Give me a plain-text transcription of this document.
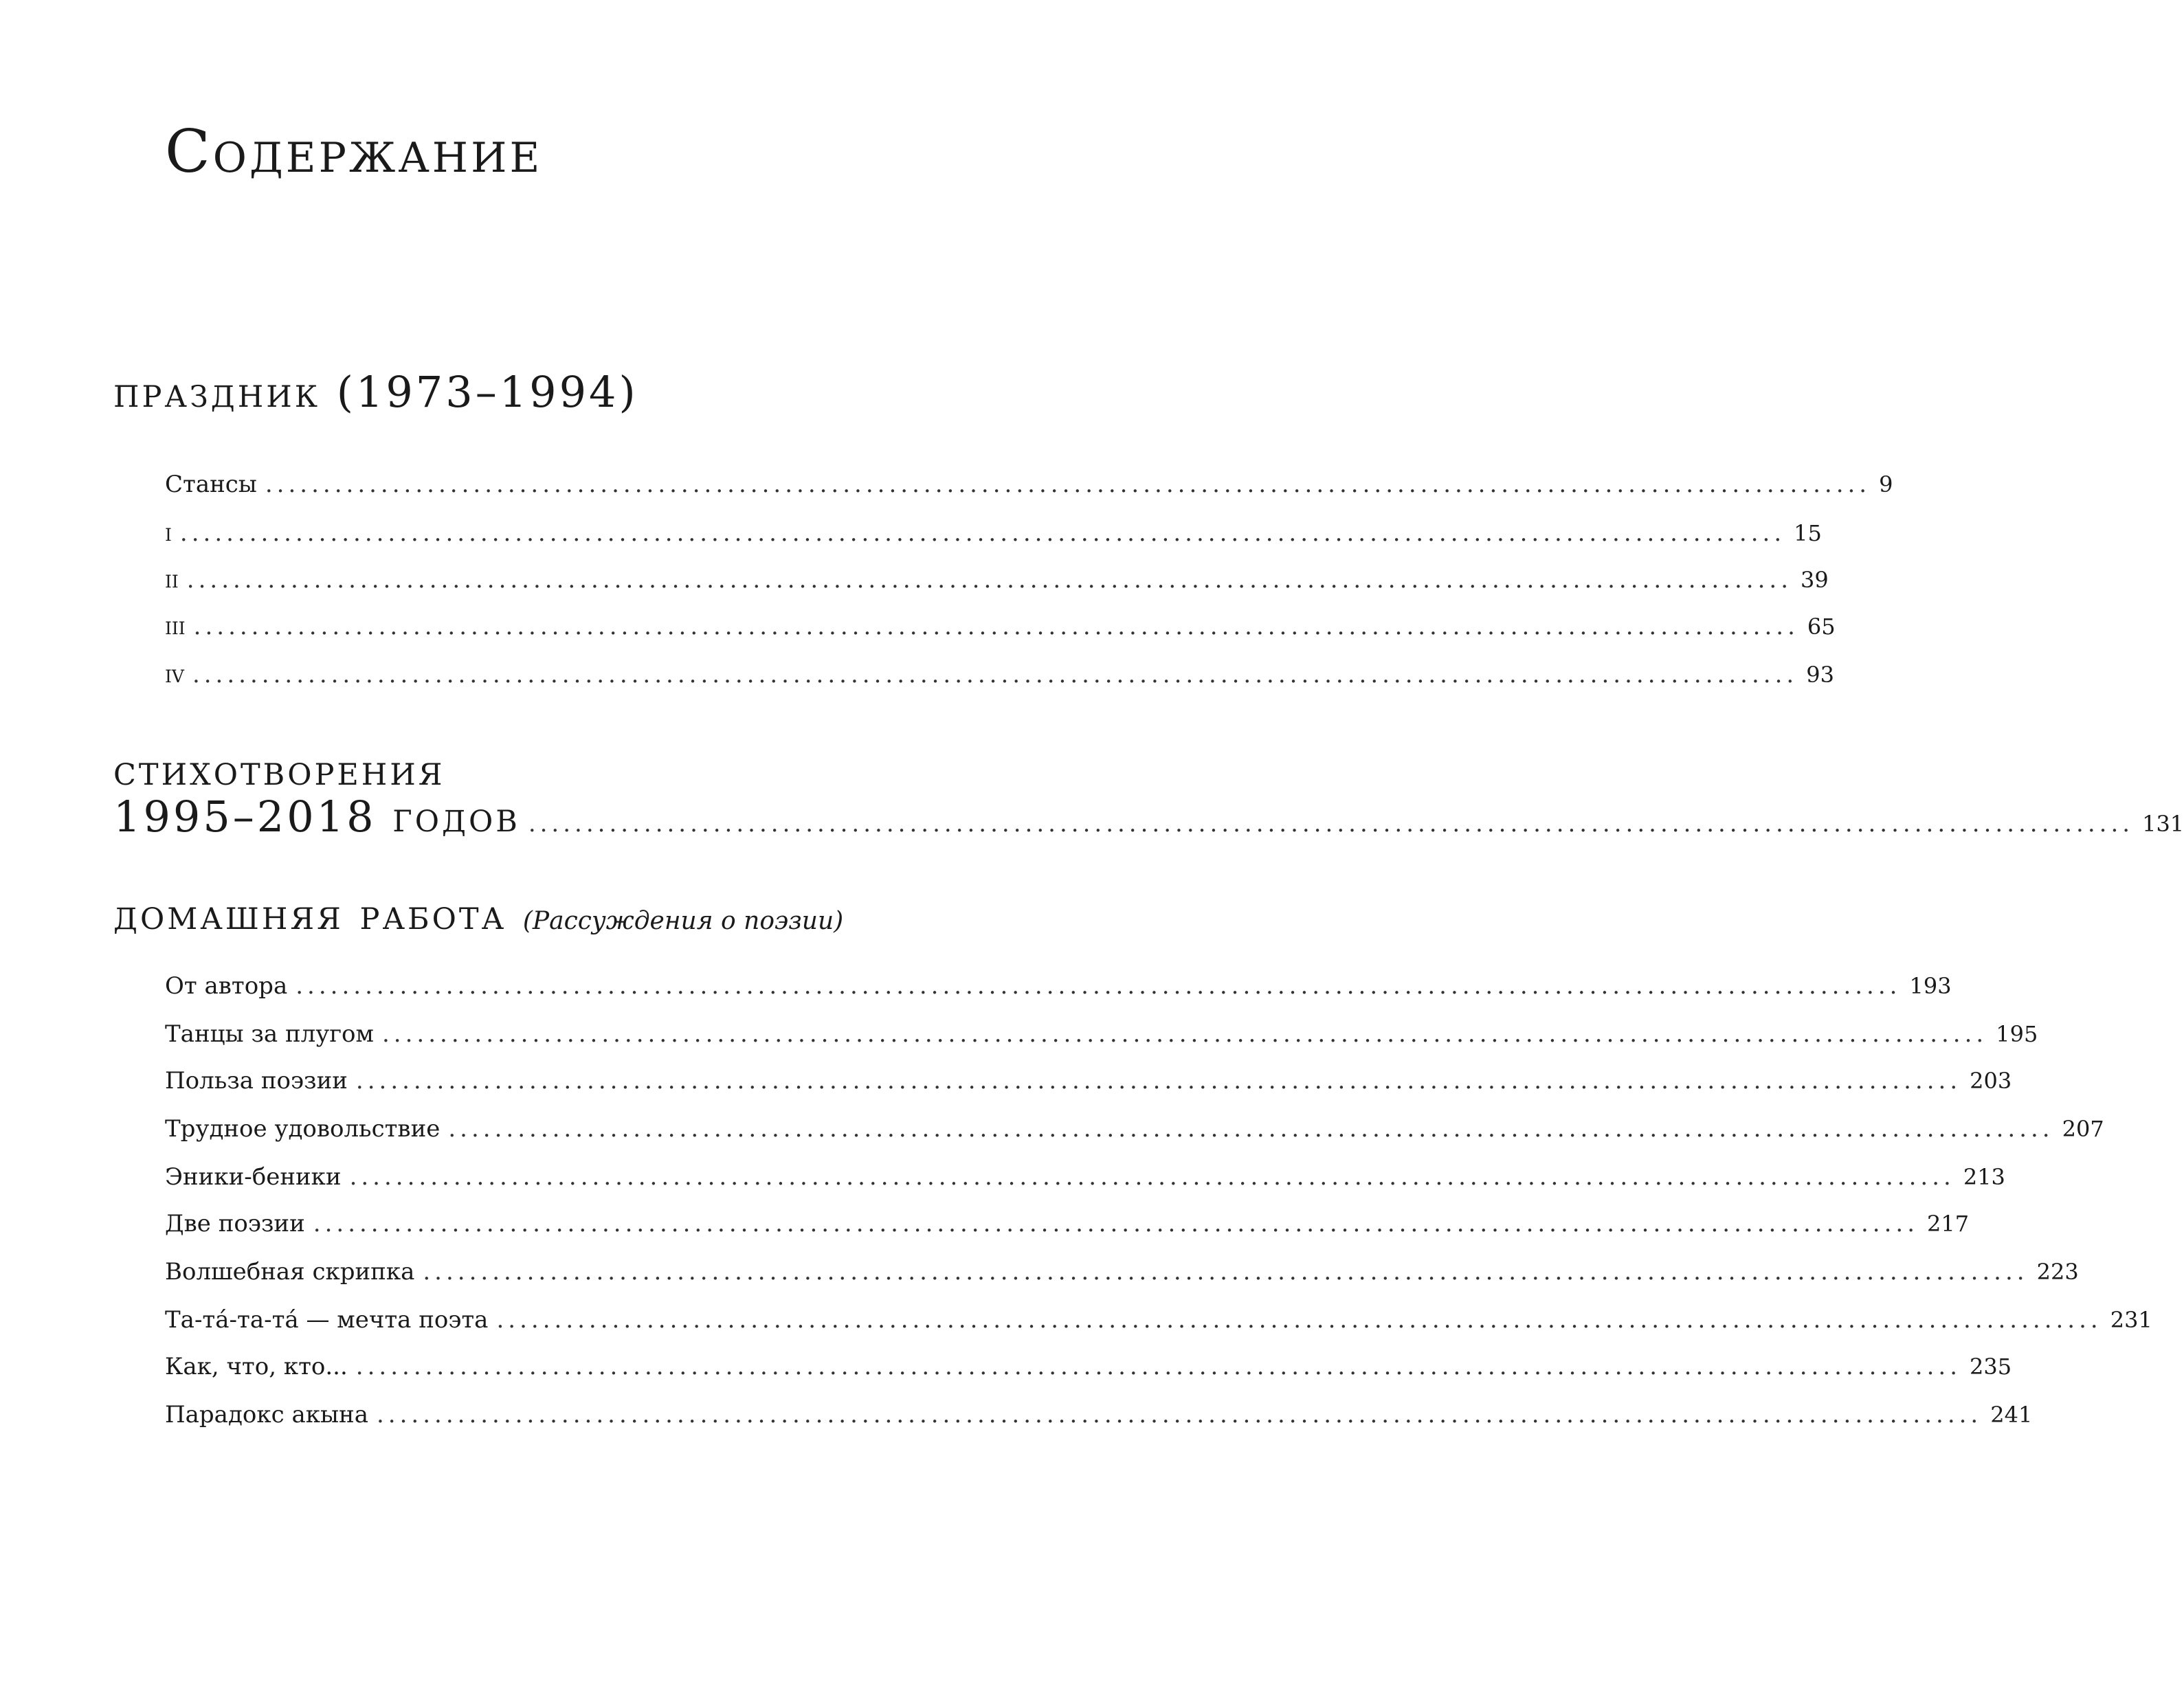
Содержание
праздник (1973–1994)
Стансы ........................................................................................................................................... 9
i ........................................................................................................................................... 15
ii ........................................................................................................................................... 39
iii ........................................................................................................................................... 65
iv ........................................................................................................................................... 93
стихотворения
1995–2018 годов ........................................................................................................................................... 131
домашняя работа (Рассуждения о поэзии)
От автора ........................................................................................................................................... 193
Танцы за плугом ........................................................................................................................................... 195
Польза поэзии ........................................................................................................................................... 203
Трудное удовольствие ........................................................................................................................................... 207
Эники-беники ........................................................................................................................................... 213
Две поэзии ........................................................................................................................................... 217
Волшебная скрипка ........................................................................................................................................... 223
Та-тá-та-тá — мечта поэта ........................................................................................................................................... 231
Как, что, кто... ........................................................................................................................................... 235
Парадокс акына ........................................................................................................................................... 241
